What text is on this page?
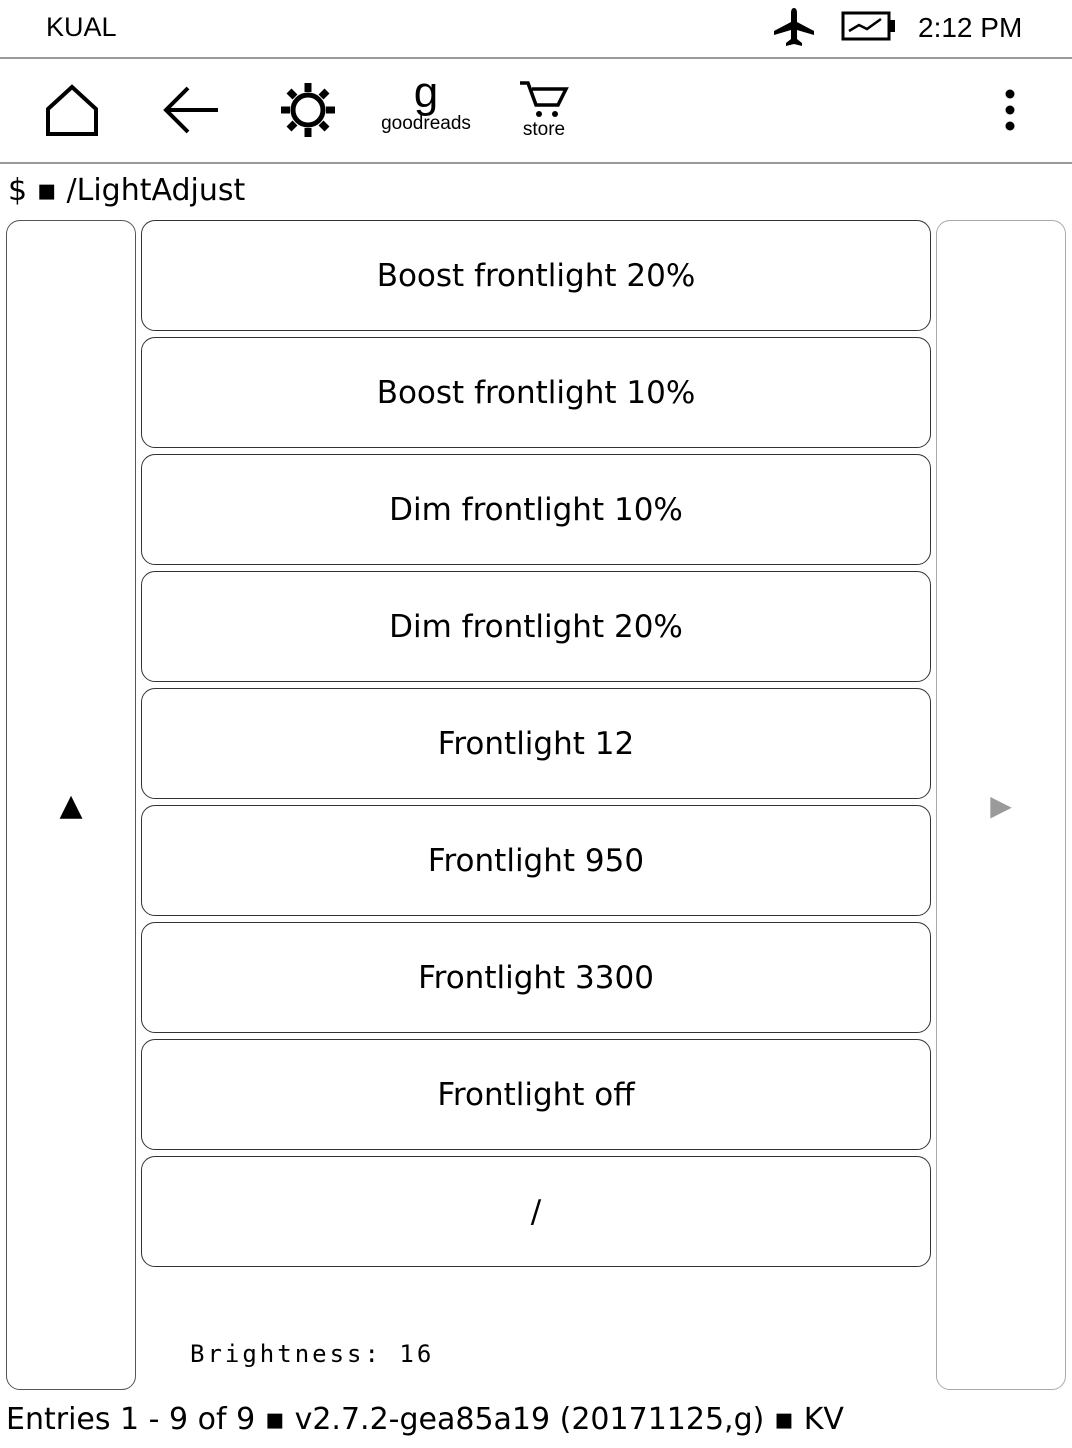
KUAL	2:12 PM
g
goodreads	store
$ ▪ /LightAdjust
▲
Boost frontlight 20%
Boost frontlight 10%
Dim frontlight 10%
Dim frontlight 20%
Frontlight 12
Frontlight 950
Frontlight 3300
Frontlight off
/
▶
Brightness: 16
Entries 1 - 9 of 9 ▪ v2.7.2-gea85a19 (20171125,g) ▪ KV
